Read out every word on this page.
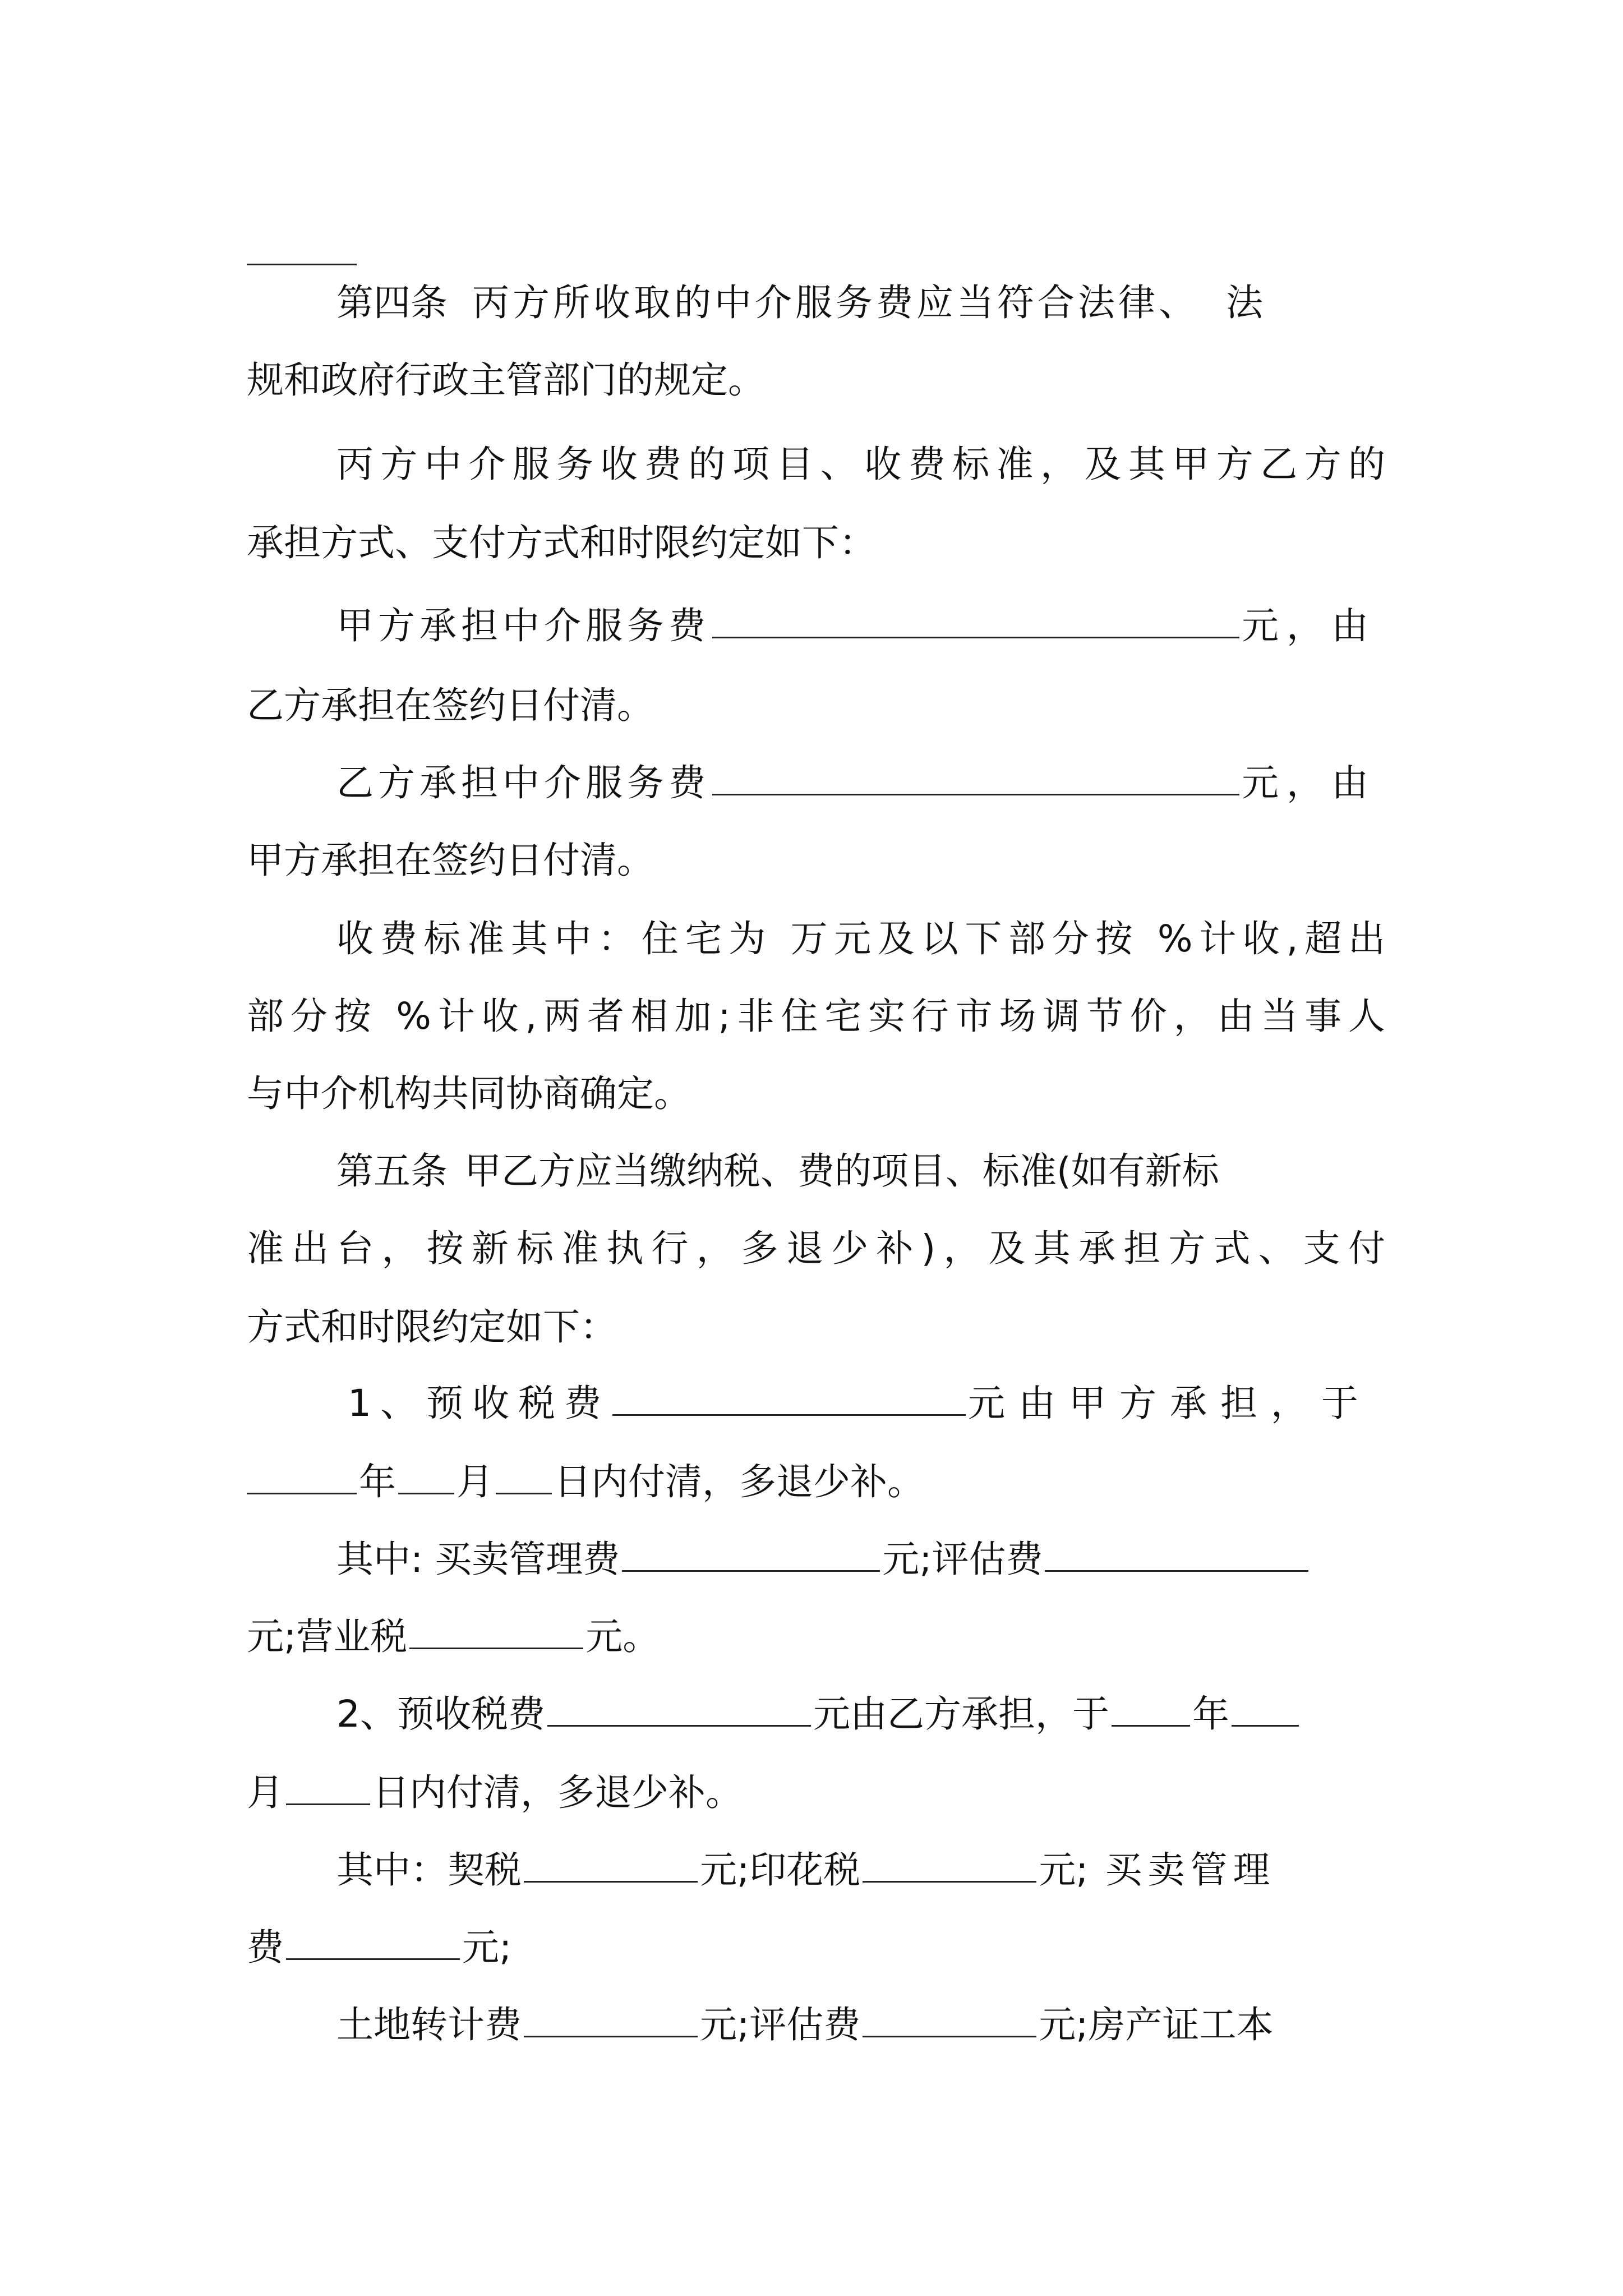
第四条 丙方所收取的中介服务费应当符合法律、 法
规和政府行政主管部门的规定。
丙方中介服务收费的项目、收费标准，及其甲方乙方的
承担方式、支付方式和时限约定如下：
甲方承担中介服务费	元，由
乙方承担在签约日付清。
乙方承担中介服务费	元，由
甲方承担在签约日付清。
收费标准其中：住宅为 万元及以下部分按 %计收,超出
部分按 %计收,两者相加;非住宅实行市场调节价，由当事人
与中介机构共同协商确定。
第五条 甲乙方应当缴纳税、费的项目、标准(如有新标
准出台，按新标准执行，多退少补)，及其承担方式、支付
方式和时限约定如下：
1、预收税费	元由甲方承担，于
年 月 日内付清，多退少补。
其中: 买卖管理费	元;评估费
元;营业税	元。
2、预收税费	元由乙方承担，于 年
月 日内付清，多退少补。
其中：契税	元;印花税	元; 买卖管理
费	元;
土地转计费	元;评估费	元;房产证工本
